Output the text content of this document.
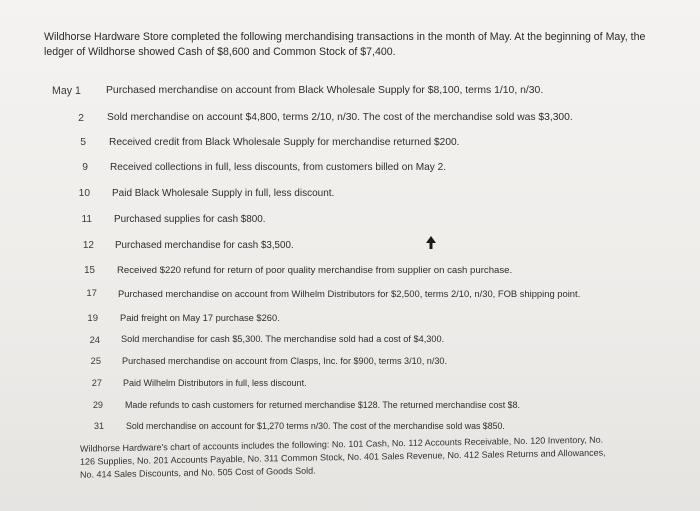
Wildhorse Hardware Store completed the following merchandising transactions in the month of May. At the beginning of May, the ledger of Wildhorse showed Cash of $8,600 and Common Stock of $7,400.
May 1	Purchased merchandise on account from Black Wholesale Supply for $8,100, terms 1/10, n/30.
2 Sold merchandise on account $4,800, terms 2/10, n/30. The cost of the merchandise sold was $3,300.
5 Received credit from Black Wholesale Supply for merchandise returned $200.
9 Received collections in full, less discounts, from customers billed on May 2.
10 Paid Black Wholesale Supply in full, less discount.
11 Purchased supplies for cash $800.
12 Purchased merchandise for cash $3,500.
15 Received $220 refund for return of poor quality merchandise from supplier on cash purchase.
17 Purchased merchandise on account from Wilhelm Distributors for $2,500, terms 2/10, n/30, FOB shipping point.
19 Paid freight on May 17 purchase $260.
24 Sold merchandise for cash $5,300. The merchandise sold had a cost of $4,300.
25 Purchased merchandise on account from Clasps, Inc. for $900, terms 3/10, n/30.
27 Paid Wilhelm Distributors in full, less discount.
29 Made refunds to cash customers for returned merchandise $128. The returned merchandise cost $8.
31	Sold merchandise on account for $1,270 terms n/30. The cost of the merchandise sold was $850.
Wildhorse Hardware's chart of accounts includes the following: No. 101 Cash, No. 112 Accounts Receivable, No. 120 Inventory, No. 126 Supplies, No. 201 Accounts Payable, No. 311 Common Stock, No. 401 Sales Revenue, No. 412 Sales Returns and Allowances, No. 414 Sales Discounts, and No. 505 Cost of Goods Sold.
